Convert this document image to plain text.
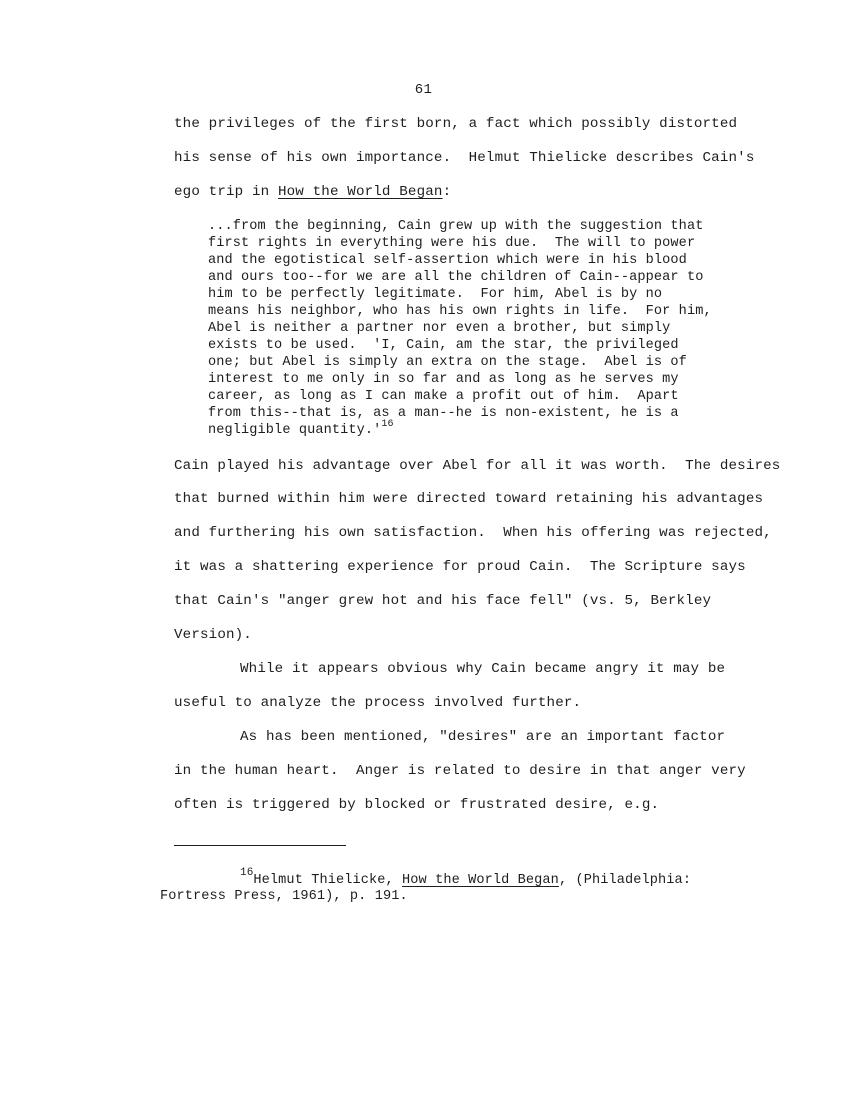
61
the privileges of the first born, a fact which possibly distorted
his sense of his own importance.  Helmut Thielicke describes Cain's
ego trip in How the World Began:
...from the beginning, Cain grew up with the suggestion that
first rights in everything were his due.  The will to power
and the egotistical self-assertion which were in his blood
and ours too--for we are all the children of Cain--appear to
him to be perfectly legitimate.  For him, Abel is by no
means his neighbor, who has his own rights in life.  For him,
Abel is neither a partner nor even a brother, but simply
exists to be used.  'I, Cain, am the star, the privileged
one; but Abel is simply an extra on the stage.  Abel is of
interest to me only in so far and as long as he serves my
career, as long as I can make a profit out of him.  Apart
from this--that is, as a man--he is non-existent, he is a
negligible $quantity.'^{16}$
Cain played his advantage over Abel for all it was worth.  The desires
that burned within him were directed toward retaining his advantages
and furthering his own satisfaction.  When his offering was rejected,
it was a shattering experience for proud Cain.  The Scripture says
that Cain's "anger grew hot and his face fell" (vs. 5, Berkley
Version).
While it appears obvious why Cain became angry it may be
useful to analyze the process involved further.
As has been mentioned, "desires" are an important factor
in the human heart.  Anger is related to desire in that anger very
often is triggered by blocked or frustrated desire, e.g.
$^{16}$Helmut Thielicke, How the World Began, (Philadelphia:
Fortress Press, 1961), p. 191.
